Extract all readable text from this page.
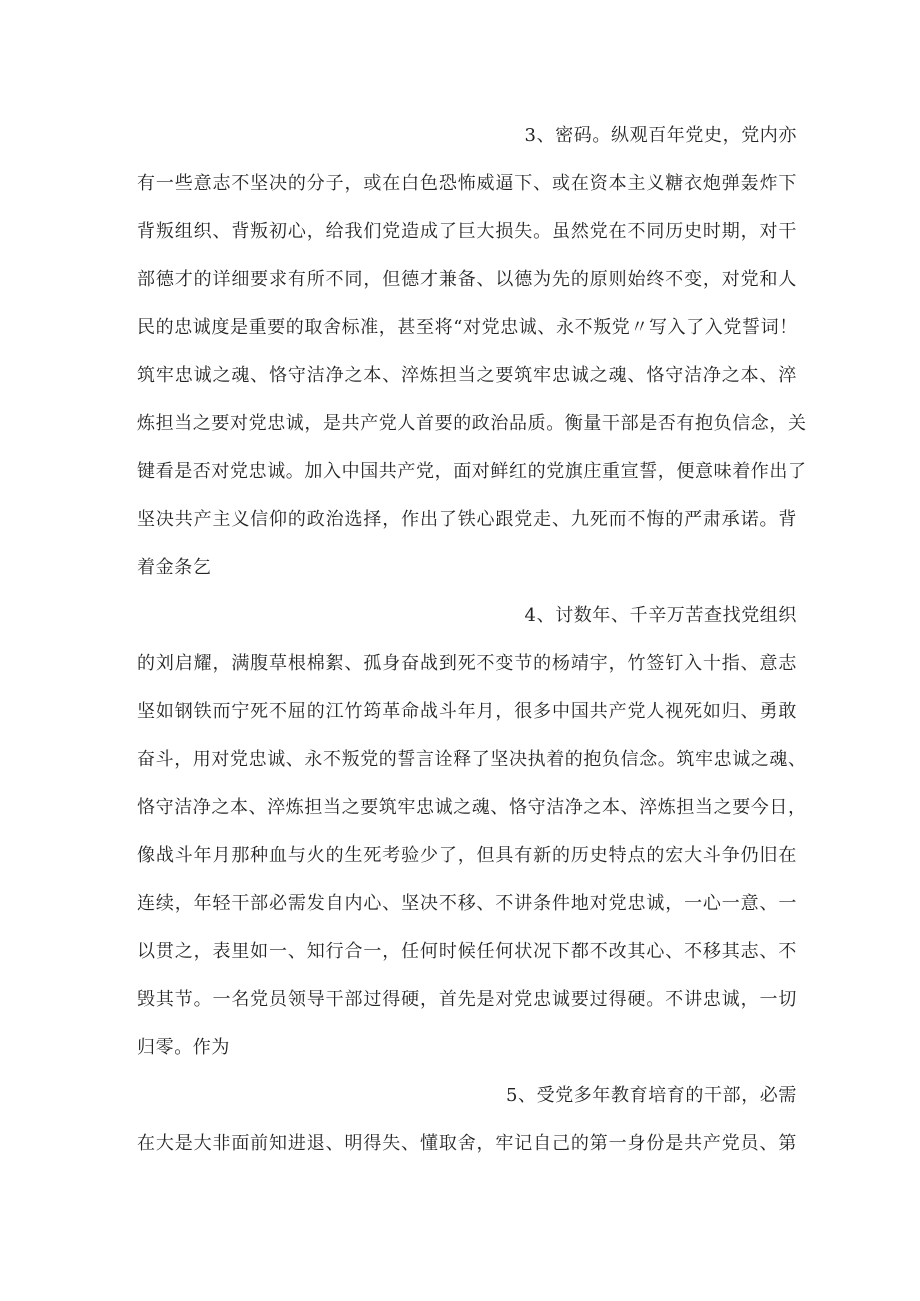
3、密码。纵观百年党史，党内亦
有一些意志不坚决的分子，或在白色恐怖威逼下、或在资本主义糖衣炮弹轰炸下
背叛组织、背叛初心，给我们党造成了巨大损失。虽然党在不同历史时期，对干
部德才的详细要求有所不同，但德才兼备、以德为先的原则始终不变，对党和人
民的忠诚度是重要的取舍标准，甚至将“对党忠诚、永不叛党〃写入了入党誓词！
筑牢忠诚之魂、恪守洁净之本、淬炼担当之要筑牢忠诚之魂、恪守洁净之本、淬
炼担当之要对党忠诚，是共产党人首要的政治品质。衡量干部是否有抱负信念，关
键看是否对党忠诚。加入中国共产党，面对鲜红的党旗庄重宣誓，便意味着作出了
坚决共产主义信仰的政治选择，作出了铁心跟党走、九死而不悔的严肃承诺。背
着金条乞
4、讨数年、千辛万苦查找党组织
的刘启耀，满腹草根棉絮、孤身奋战到死不变节的杨靖宇，竹签钉入十指、意志
坚如钢铁而宁死不屈的江竹筠革命战斗年月，很多中国共产党人视死如归、勇敢
奋斗，用对党忠诚、永不叛党的誓言诠释了坚决执着的抱负信念。筑牢忠诚之魂、
恪守洁净之本、淬炼担当之要筑牢忠诚之魂、恪守洁净之本、淬炼担当之要今日，
像战斗年月那种血与火的生死考验少了，但具有新的历史特点的宏大斗争仍旧在
连续，年轻干部必需发自内心、坚决不移、不讲条件地对党忠诚，一心一意、一
以贯之，表里如一、知行合一，任何时候任何状况下都不改其心、不移其志、不
毁其节。一名党员领导干部过得硬，首先是对党忠诚要过得硬。不讲忠诚，一切
归零。作为
5、受党多年教育培育的干部，必需
在大是大非面前知进退、明得失、懂取舍，牢记自己的第一身份是共产党员、第
